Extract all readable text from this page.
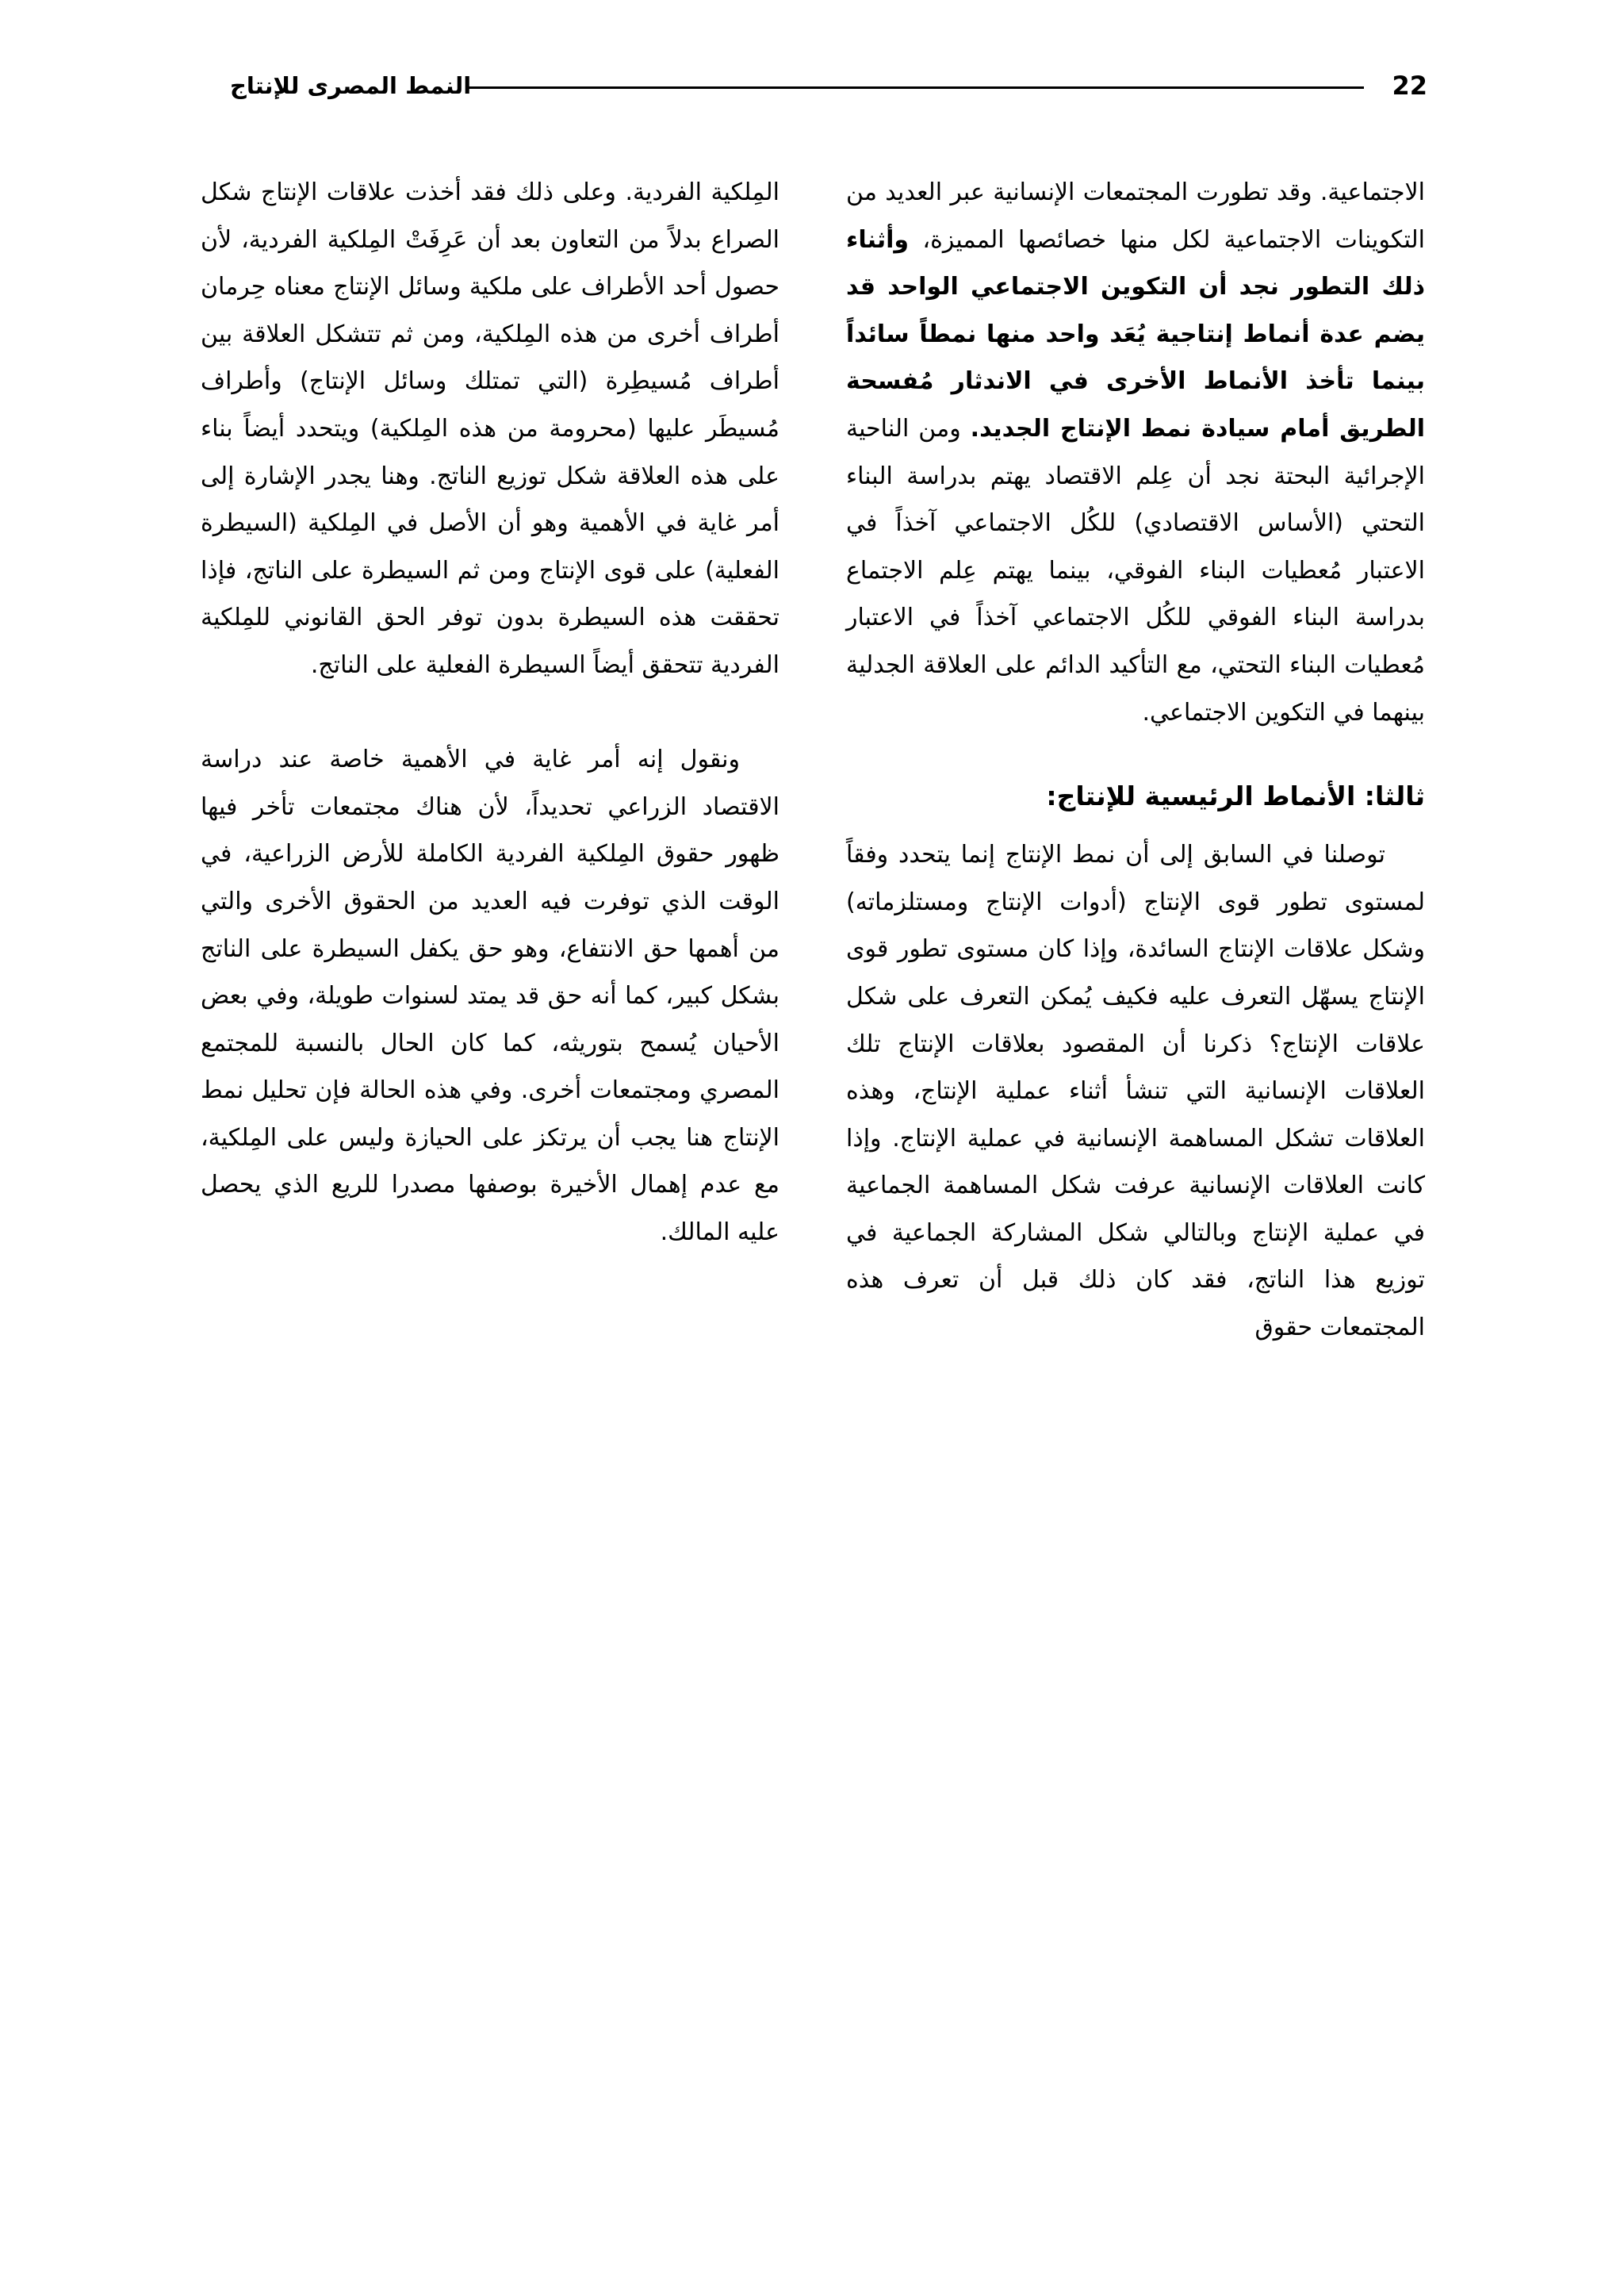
النمط المصرى للإنتاج	22

الاجتماعية. وقد تطورت المجتمعات الإنسانية عبر العديد من التكوينات الاجتماعية لكل منها خصائصها المميزة، وأثناء ذلك التطور نجد أن التكوين الاجتماعي الواحد قد يضم عدة أنماط إنتاجية يُعَد واحد منها نمطاً سائداً بينما تأخذ الأنماط الأخرى في الاندثار مُفسحة الطريق أمام سيادة نمط الإنتاج الجديد. ومن الناحية الإجرائية البحتة نجد أن عِلم الاقتصاد يهتم بدراسة البناء التحتي (الأساس الاقتصادي) للكُل الاجتماعي آخذاً في الاعتبار مُعطيات البناء الفوقي، بينما يهتم عِلم الاجتماع بدراسة البناء الفوقي للكُل الاجتماعي آخذاً في الاعتبار مُعطيات البناء التحتي، مع التأكيد الدائم على العلاقة الجدلية بينهما في التكوين الاجتماعي.

ثالثا: الأنماط الرئيسية للإنتاج:

توصلنا في السابق إلى أن نمط الإنتاج إنما يتحدد وفقاً لمستوى تطور قوى الإنتاج (أدوات الإنتاج ومستلزماته) وشكل علاقات الإنتاج السائدة، وإذا كان مستوى تطور قوى الإنتاج يسهّل التعرف عليه فكيف يُمكن التعرف على شكل علاقات الإنتاج؟ ذكرنا أن المقصود بعلاقات الإنتاج تلك العلاقات الإنسانية التي تنشأ أثناء عملية الإنتاج، وهذه العلاقات تشكل المساهمة الإنسانية في عملية الإنتاج. وإذا كانت العلاقات الإنسانية عرفت شكل المساهمة الجماعية في عملية الإنتاج وبالتالي شكل المشاركة الجماعية في توزيع هذا الناتج، فقد كان ذلك قبل أن تعرف هذه المجتمعات حقوق

المِلكية الفردية. وعلى ذلك فقد أخذت علاقات الإنتاج شكل الصراع بدلاً من التعاون بعد أن عَرِفَتْ المِلكية الفردية، لأن حصول أحد الأطراف على ملكية وسائل الإنتاج معناه حِرمان أطراف أخرى من هذه المِلكية، ومن ثم تتشكل العلاقة بين أطراف مُسيطِرة (التي تمتلك وسائل الإنتاج) وأطراف مُسيطَر عليها (محرومة من هذه المِلكية) ويتحدد أيضاً بناء على هذه العلاقة شكل توزيع الناتج. وهنا يجدر الإشارة إلى أمر غاية في الأهمية وهو أن الأصل في المِلكية (السيطرة الفعلية) على قوى الإنتاج ومن ثم السيطرة على الناتج، فإذا تحققت هذه السيطرة بدون توفر الحق القانوني للمِلكية الفردية تتحقق أيضاً السيطرة الفعلية على الناتج.

ونقول إنه أمر غاية في الأهمية خاصة عند دراسة الاقتصاد الزراعي تحديداً، لأن هناك مجتمعات تأخر فيها ظهور حقوق المِلكية الفردية الكاملة للأرض الزراعية، في الوقت الذي توفرت فيه العديد من الحقوق الأخرى والتي من أهمها حق الانتفاع، وهو حق يكفل السيطرة على الناتج بشكل كبير، كما أنه حق قد يمتد لسنوات طويلة، وفي بعض الأحيان يُسمح بتوريثه، كما كان الحال بالنسبة للمجتمع المصري ومجتمعات أخرى. وفي هذه الحالة فإن تحليل نمط الإنتاج هنا يجب أن يرتكز على الحيازة وليس على المِلكية، مع عدم إهمال الأخيرة بوصفها مصدرا للريع الذي يحصل عليه المالك.
